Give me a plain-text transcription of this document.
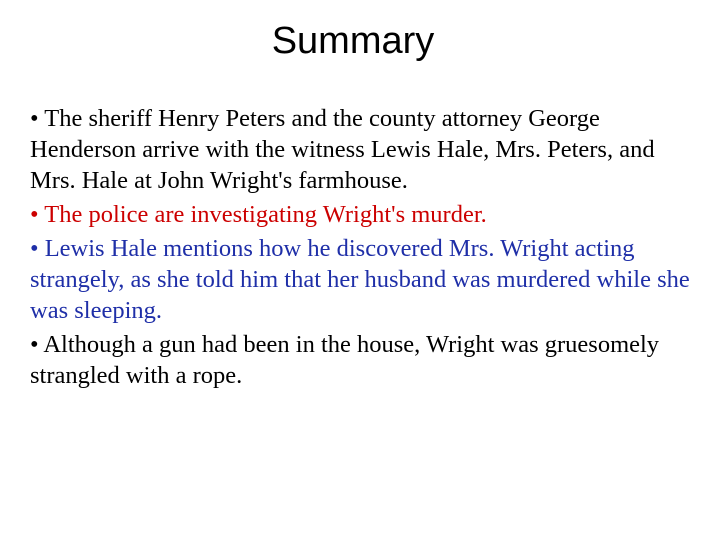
Summary

• The sheriff Henry Peters and the county attorney George Henderson arrive with the witness Lewis Hale, Mrs. Peters, and Mrs. Hale at John Wright's farmhouse.

• The police are investigating Wright's murder.

• Lewis Hale mentions how he discovered Mrs. Wright acting strangely, as she told him that her husband was murdered while she was sleeping.

• Although a gun had been in the house, Wright was gruesomely strangled with a rope.
